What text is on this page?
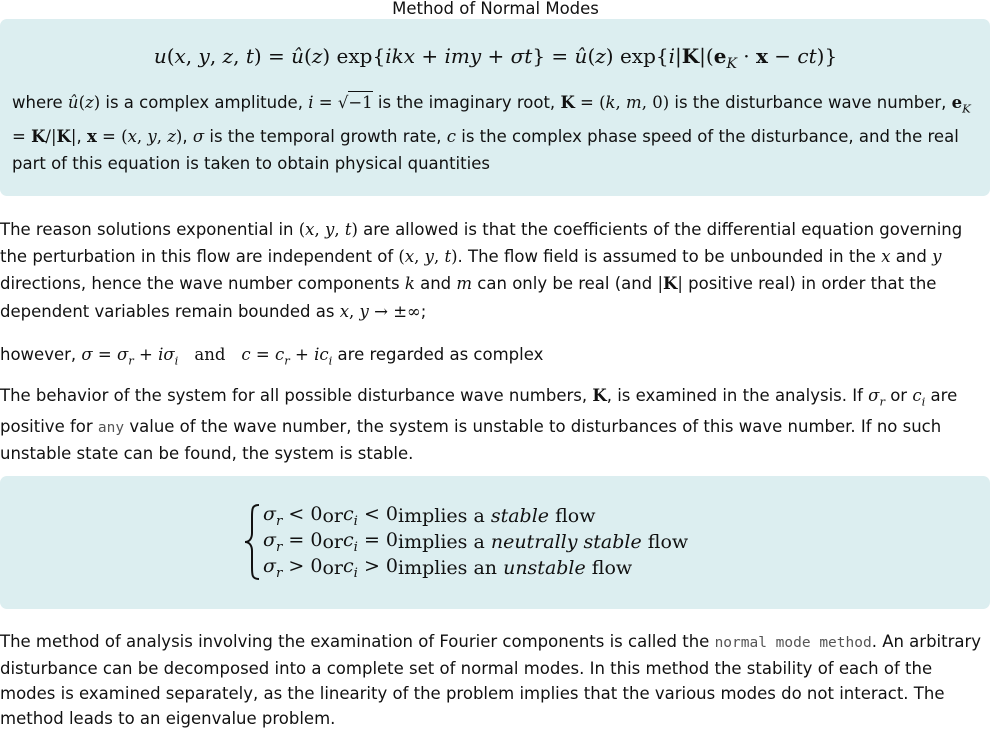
Method of Normal Modes
u(x, y, z, t) = û(z) exp{ikx + imy + σt} = û(z) $\exp\{i|K|(e_K \cdot x - ct)\}$

where û(z) is a complex amplitude, i = √−1 is the imaginary root, K = (k, m, 0) is the disturbance wave number, $e_K = K/|K|$, x = (x, y, z), σ is the temporal growth rate, c is the complex phase speed of the disturbance, and the real part of this equation is taken to obtain physical quantities

The reason solutions exponential in (x, y, t) are allowed is that the coefficients of the differential equation governing the perturbation in this flow are independent of (x, y, t). The flow field is assumed to be unbounded in the x and y directions, hence the wave number components k and m can only be real (and |K| positive real) in order that the dependent variables remain bounded as x, y → ±∞;

however, $\sigma = \sigma_r + i\sigma_i$ and $c = c_r + ic_i$ are regarded as complex

The behavior of the system for all possible disturbance wave numbers, K, is examined in the analysis. If $\sigma_r$ or $c_i$ are positive for any value of the wave number, the system is unstable to disturbances of this wave number. If no such unstable state can be found, the system is stable.

$\sigma_r < 0$	or	$c_i < 0$	implies a stable flow
$\sigma_r = 0$	or	$c_i = 0$	implies a neutrally stable flow
$\sigma_r > 0$	or	$c_i > 0$	implies an unstable flow

The method of analysis involving the examination of Fourier components is called the normal mode method. An arbitrary disturbance can be decomposed into a complete set of normal modes. In this method the stability of each of the modes is examined separately, as the linearity of the problem implies that the various modes do not interact. The method leads to an eigenvalue problem.
